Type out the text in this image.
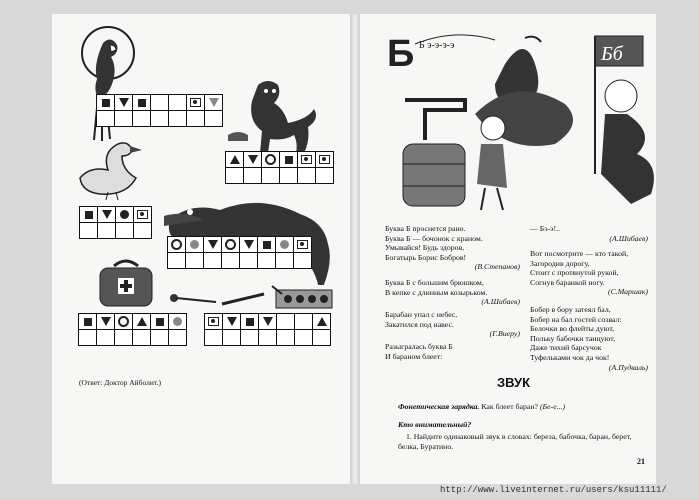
(Ответ: Доктор Айболит.)
Б Б э-э-э-э	Бб
Буква Б проснется рано.
Буква Б — бочонок с краном.
Умывайся! Будь здоров,
Богатырь Борис Бобров!
(В.Степанов)
Буква Б с большим брюшком,
В кепке с длинным козырьком.
(А.Шибаев)
Барабан упал с небес,
Закатился под навес.
(Г.Виеру)
Разыгралась буква Б
И бараном блеет:
— Бэ-э!..
(А.Шибаев)
Вот посмотрите — кто такой,
Загородив дорогу,
Стоит с протянутой рукой,
Согнув баранкой ногу.
(С.Маршак)
Бобер в бору затеял бал,
Бобер на бал гостей созвал:
Белочки во флейты дуют,
Польку бабочки танцуют,
Даже тихий барсучок
Туфельками чок да чок!
(А.Пудваль)
ЗВУК
Фонетическая зарядка. Как блеет баран? (Бе-е...)
Кто внимательный?
1. Найдите одинаковый звук в словах: береза, бабочка, баран, берет,
белка, Буратино.
21
http://www.liveinternet.ru/users/ksu11111/
